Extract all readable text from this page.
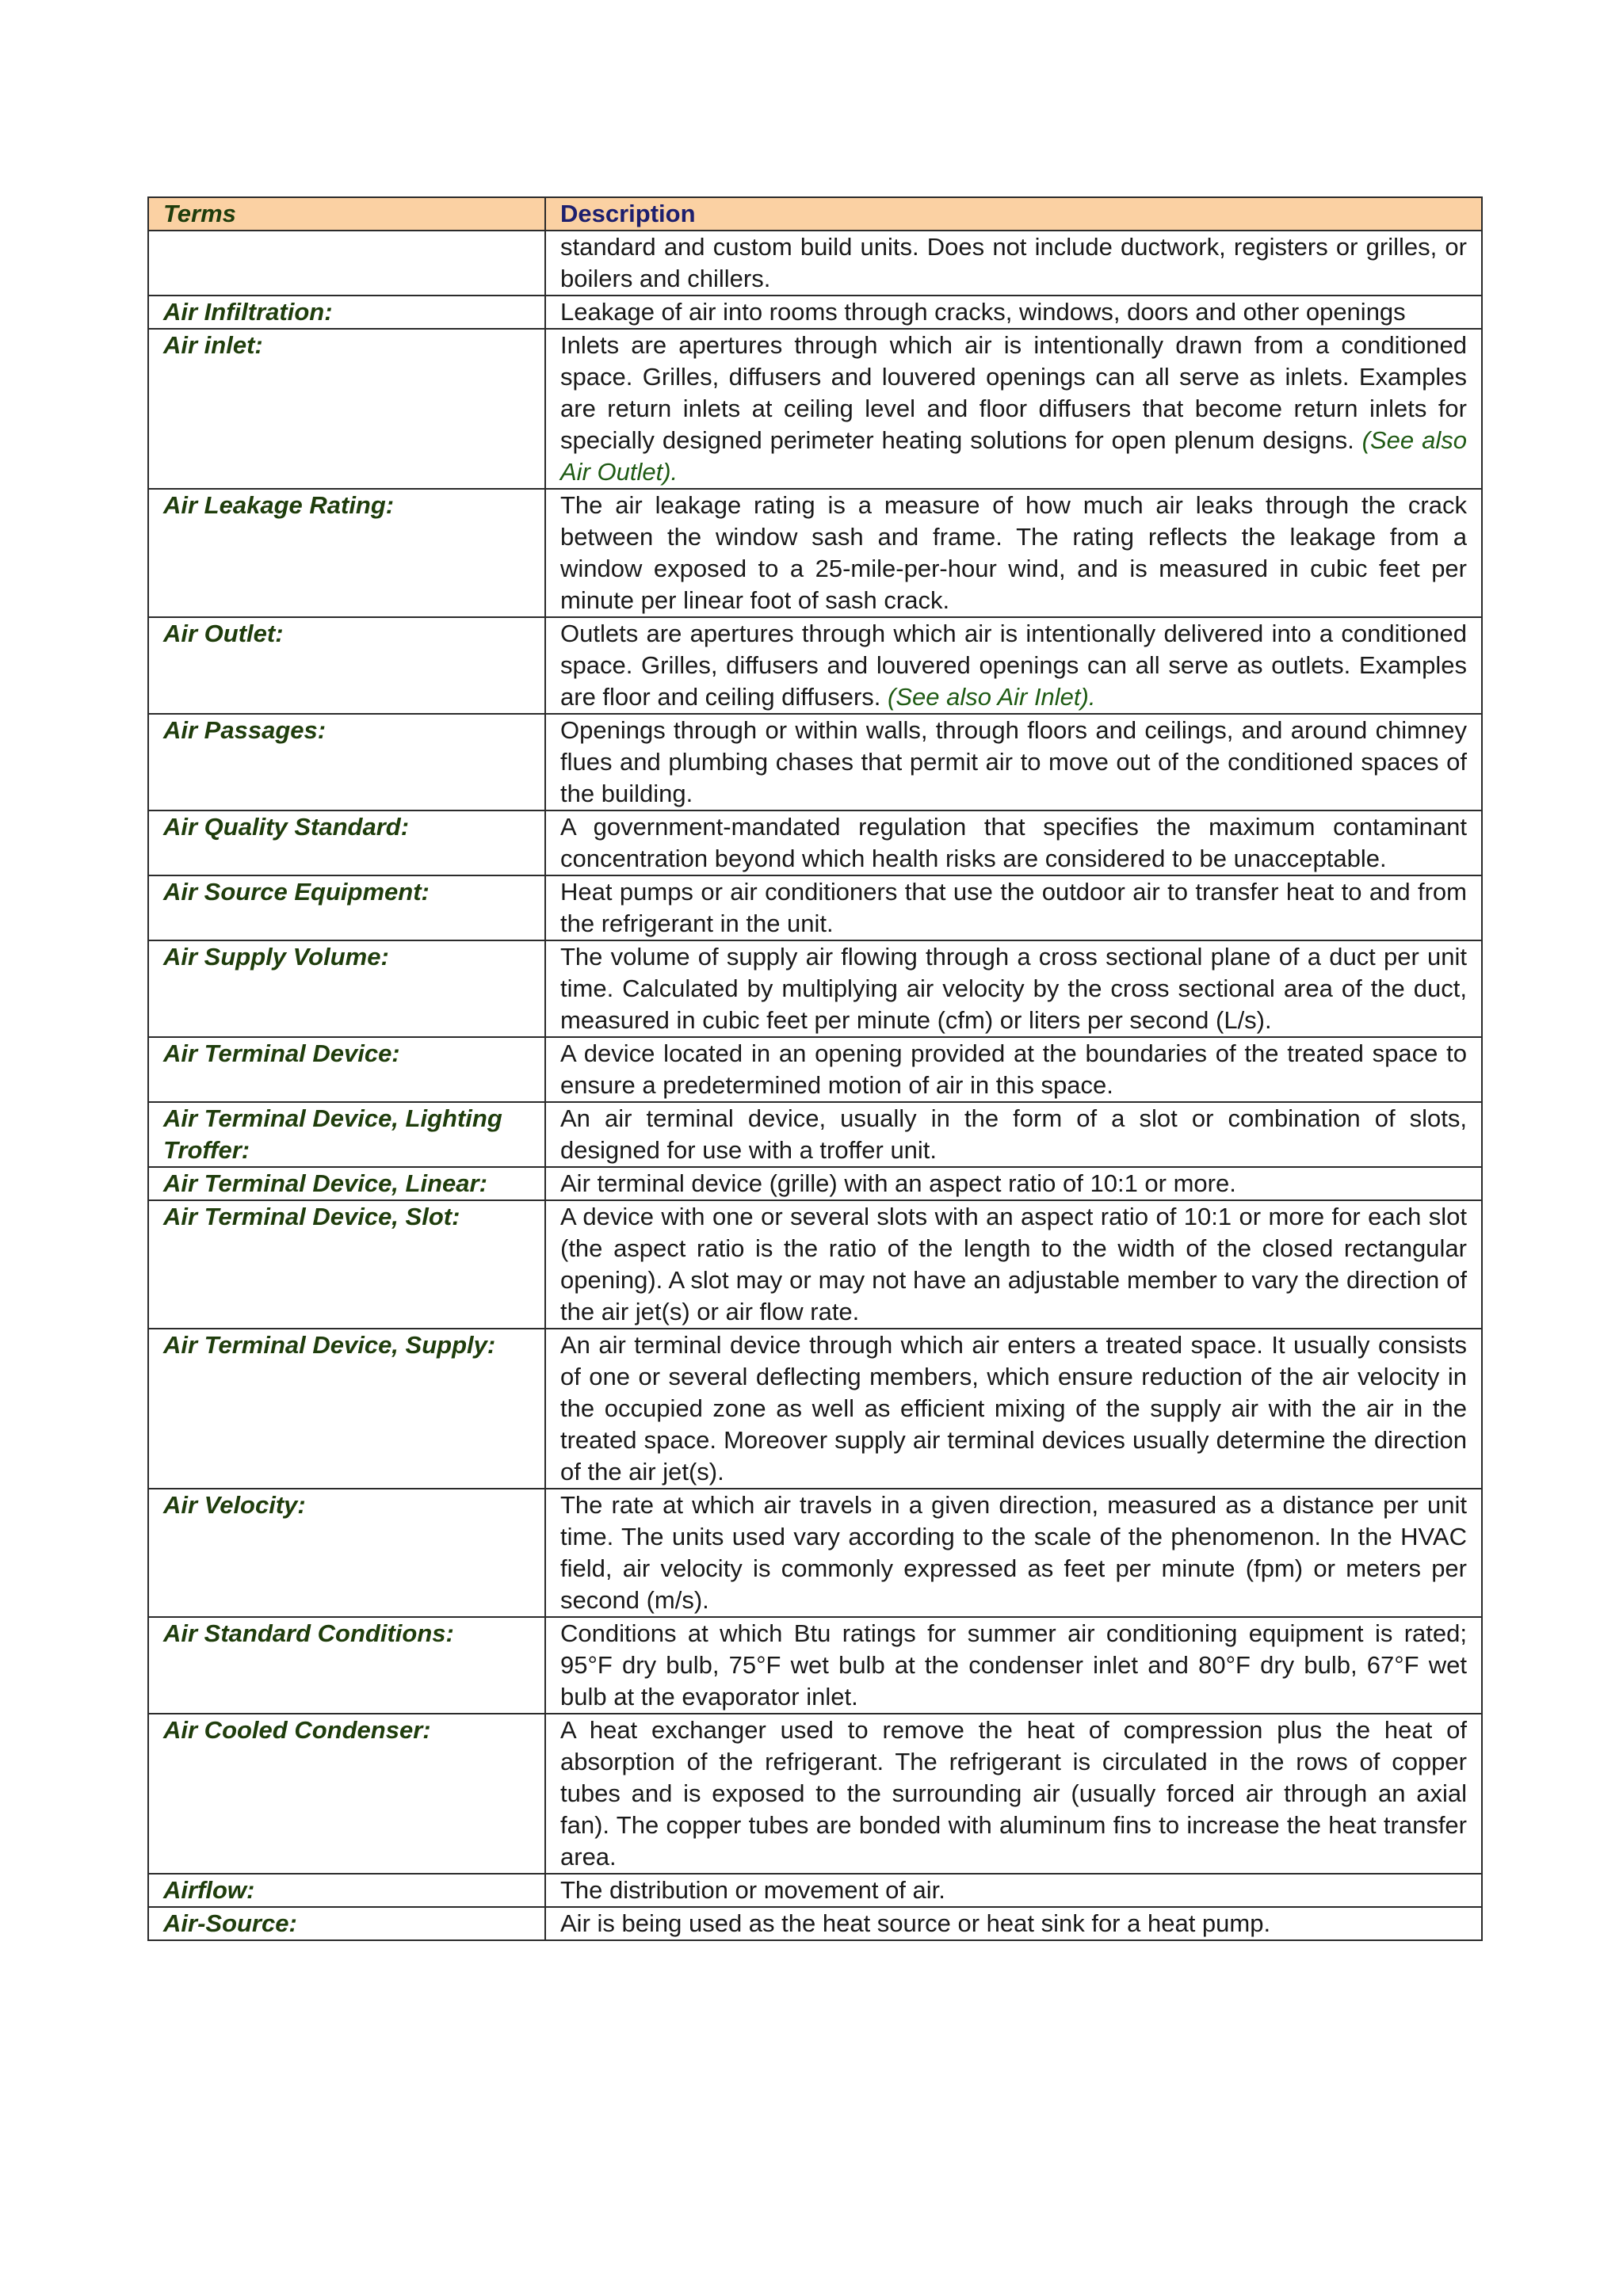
Terms	Description
	standard and custom build units. Does not include ductwork, registers or grilles, or boilers and chillers.
Air Infiltration:	Leakage of air into rooms through cracks, windows, doors and other openings
Air inlet:	Inlets are apertures through which air is intentionally drawn from a conditioned space. Grilles, diffusers and louvered openings can all serve as inlets. Examples are return inlets at ceiling level and floor diffusers that become return inlets for specially designed perimeter heating solutions for open plenum designs. (See also Air Outlet).
Air Leakage Rating:	The air leakage rating is a measure of how much air leaks through the crack between the window sash and frame. The rating reflects the leakage from a window exposed to a 25-mile-per-hour wind, and is measured in cubic feet per minute per linear foot of sash crack.
Air Outlet:	Outlets are apertures through which air is intentionally delivered into a conditioned space. Grilles, diffusers and louvered openings can all serve as outlets. Examples are floor and ceiling diffusers. (See also Air Inlet).
Air Passages:	Openings through or within walls, through floors and ceilings, and around chimney flues and plumbing chases that permit air to move out of the conditioned spaces of the building.
Air Quality Standard:	A government-mandated regulation that specifies the maximum contaminant concentration beyond which health risks are considered to be unacceptable.
Air Source Equipment:	Heat pumps or air conditioners that use the outdoor air to transfer heat to and from the refrigerant in the unit.
Air Supply Volume:	The volume of supply air flowing through a cross sectional plane of a duct per unit time. Calculated by multiplying air velocity by the cross sectional area of the duct, measured in cubic feet per minute (cfm) or liters per second (L/s).
Air Terminal Device:	A device located in an opening provided at the boundaries of the treated space to ensure a predetermined motion of air in this space.
Air Terminal Device, Lighting Troffer:	An air terminal device, usually in the form of a slot or combination of slots, designed for use with a troffer unit.
Air Terminal Device, Linear:	Air terminal device (grille) with an aspect ratio of 10:1 or more.
Air Terminal Device, Slot:	A device with one or several slots with an aspect ratio of 10:1 or more for each slot (the aspect ratio is the ratio of the length to the width of the closed rectangular opening). A slot may or may not have an adjustable member to vary the direction of the air jet(s) or air flow rate.
Air Terminal Device, Supply:	An air terminal device through which air enters a treated space. It usually consists of one or several deflecting members, which ensure reduction of the air velocity in the occupied zone as well as efficient mixing of the supply air with the air in the treated space. Moreover supply air terminal devices usually determine the direction of the air jet(s).
Air Velocity:	The rate at which air travels in a given direction, measured as a distance per unit time. The units used vary according to the scale of the phenomenon. In the HVAC field, air velocity is commonly expressed as feet per minute (fpm) or meters per second (m/s).
Air Standard Conditions:	Conditions at which Btu ratings for summer air conditioning equipment is rated; 95°F dry bulb, 75°F wet bulb at the condenser inlet and 80°F dry bulb, 67°F wet bulb at the evaporator inlet.
Air Cooled Condenser:	A heat exchanger used to remove the heat of compression plus the heat of absorption of the refrigerant. The refrigerant is circulated in the rows of copper tubes and is exposed to the surrounding air (usually forced air through an axial fan). The copper tubes are bonded with aluminum fins to increase the heat transfer area.
Airflow:	The distribution or movement of air.
Air-Source:	Air is being used as the heat source or heat sink for a heat pump.
